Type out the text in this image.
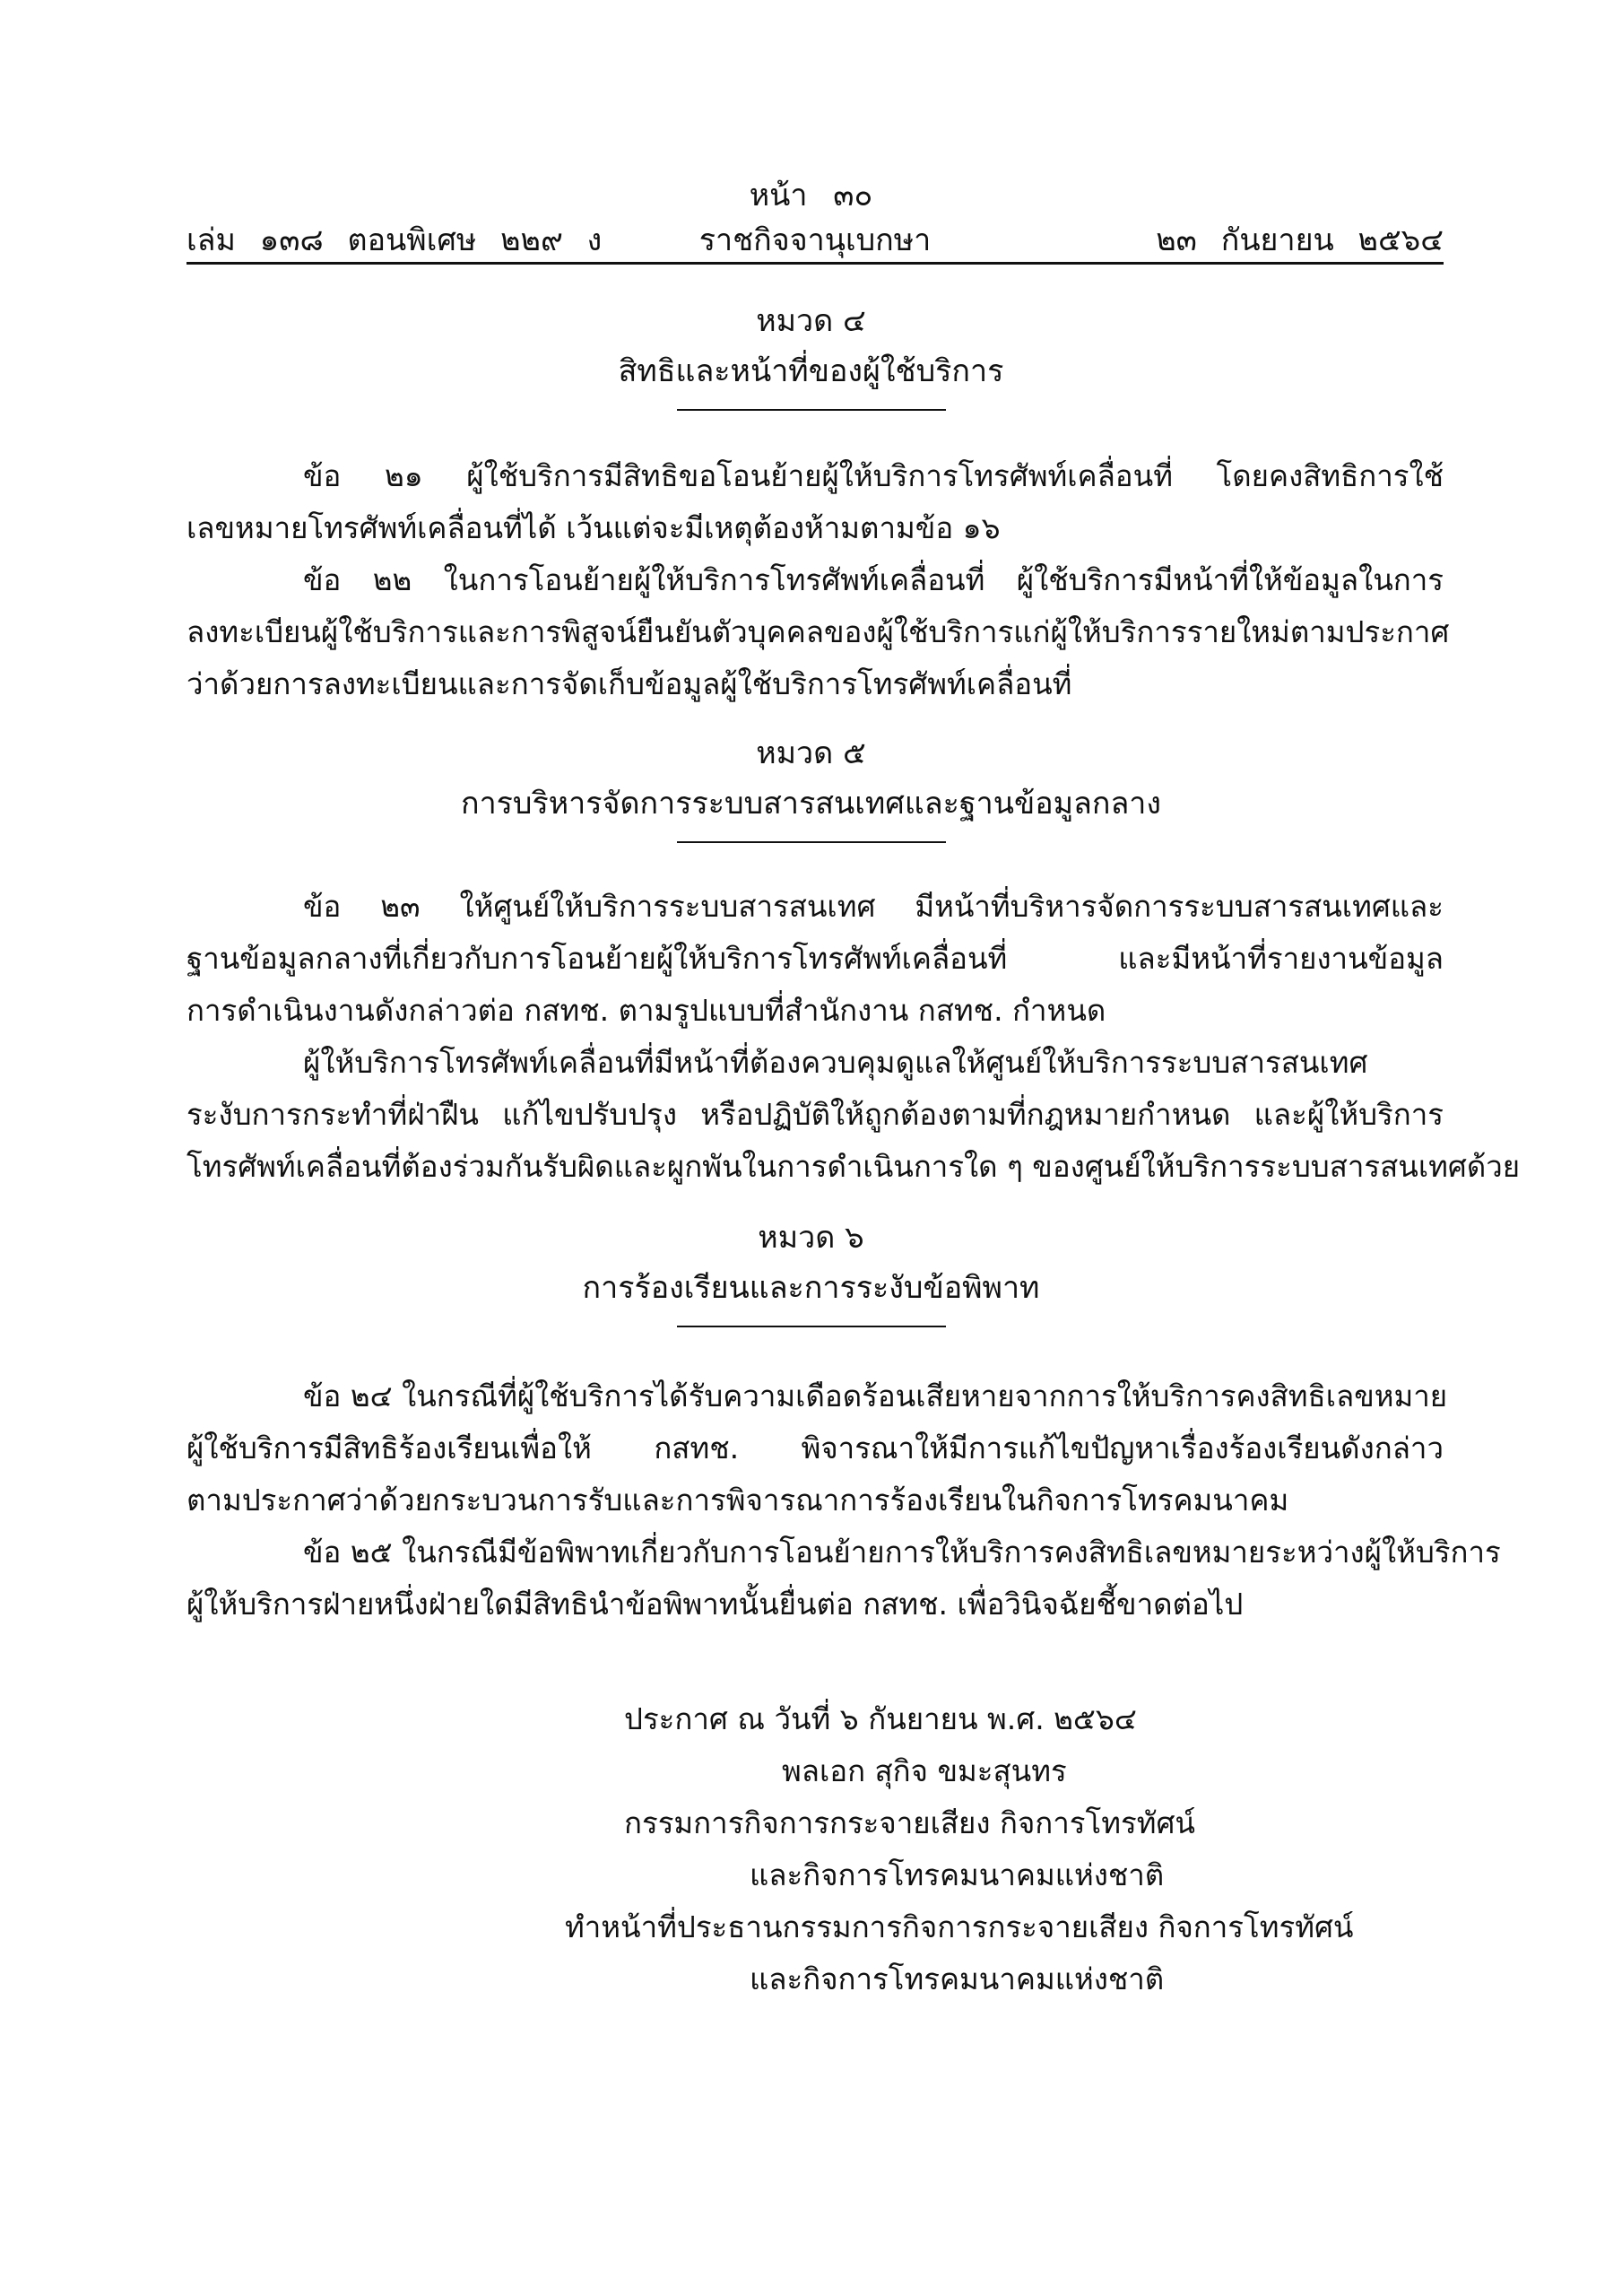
หน้า ๓๐
เล่ม ๑๓๘ ตอนพิเศษ ๒๒๙ ง	ราชกิจจานุเบกษา	๒๓ กันยายน ๒๕๖๔
หมวด ๔
สิทธิและหน้าที่ของผู้ใช้บริการ
ข้อ ๒๑ ผู้ใช้บริการมีสิทธิขอโอนย้ายผู้ให้บริการโทรศัพท์เคลื่อนที่ โดยคงสิทธิการใช้
เลขหมายโทรศัพท์เคลื่อนที่ได้ เว้นแต่จะมีเหตุต้องห้ามตามข้อ ๑๖
ข้อ ๒๒ ในการโอนย้ายผู้ให้บริการโทรศัพท์เคลื่อนที่ ผู้ใช้บริการมีหน้าที่ให้ข้อมูลในการ
ลงทะเบียนผู้ใช้บริการและการพิสูจน์ยืนยันตัวบุคคลของผู้ใช้บริการแก่ผู้ให้บริการรายใหม่ตามประกาศ
ว่าด้วยการลงทะเบียนและการจัดเก็บข้อมูลผู้ใช้บริการโทรศัพท์เคลื่อนที่
หมวด ๕
การบริหารจัดการระบบสารสนเทศและฐานข้อมูลกลาง
ข้อ ๒๓ ให้ศูนย์ให้บริการระบบสารสนเทศ มีหน้าที่บริหารจัดการระบบสารสนเทศและ
ฐานข้อมูลกลางที่เกี่ยวกับการโอนย้ายผู้ให้บริการโทรศัพท์เคลื่อนที่ และมีหน้าที่รายงานข้อมูล
การดำเนินงานดังกล่าวต่อ กสทช. ตามรูปแบบที่สำนักงาน กสทช. กำหนด
ผู้ให้บริการโทรศัพท์เคลื่อนที่มีหน้าที่ต้องควบคุมดูแลให้ศูนย์ให้บริการระบบสารสนเทศ
ระงับการกระทำที่ฝ่าฝืน แก้ไขปรับปรุง หรือปฏิบัติให้ถูกต้องตามที่กฎหมายกำหนด และผู้ให้บริการ
โทรศัพท์เคลื่อนที่ต้องร่วมกันรับผิดและผูกพันในการดำเนินการใด ๆ ของศูนย์ให้บริการระบบสารสนเทศด้วย
หมวด ๖
การร้องเรียนและการระงับข้อพิพาท
ข้อ ๒๔ ในกรณีที่ผู้ใช้บริการได้รับความเดือดร้อนเสียหายจากการให้บริการคงสิทธิเลขหมาย
ผู้ใช้บริการมีสิทธิร้องเรียนเพื่อให้ กสทช. พิจารณาให้มีการแก้ไขปัญหาเรื่องร้องเรียนดังกล่าว
ตามประกาศว่าด้วยกระบวนการรับและการพิจารณาการร้องเรียนในกิจการโทรคมนาคม
ข้อ ๒๕ ในกรณีมีข้อพิพาทเกี่ยวกับการโอนย้ายการให้บริการคงสิทธิเลขหมายระหว่างผู้ให้บริการ
ผู้ให้บริการฝ่ายหนึ่งฝ่ายใดมีสิทธินำข้อพิพาทนั้นยื่นต่อ กสทช. เพื่อวินิจฉัยชี้ขาดต่อไป
ประกาศ ณ วันที่ ๖ กันยายน พ.ศ. ๒๕๖๔
พลเอก สุกิจ ขมะสุนทร
กรรมการกิจการกระจายเสียง กิจการโทรทัศน์
และกิจการโทรคมนาคมแห่งชาติ
ทำหน้าที่ประธานกรรมการกิจการกระจายเสียง กิจการโทรทัศน์
และกิจการโทรคมนาคมแห่งชาติ
